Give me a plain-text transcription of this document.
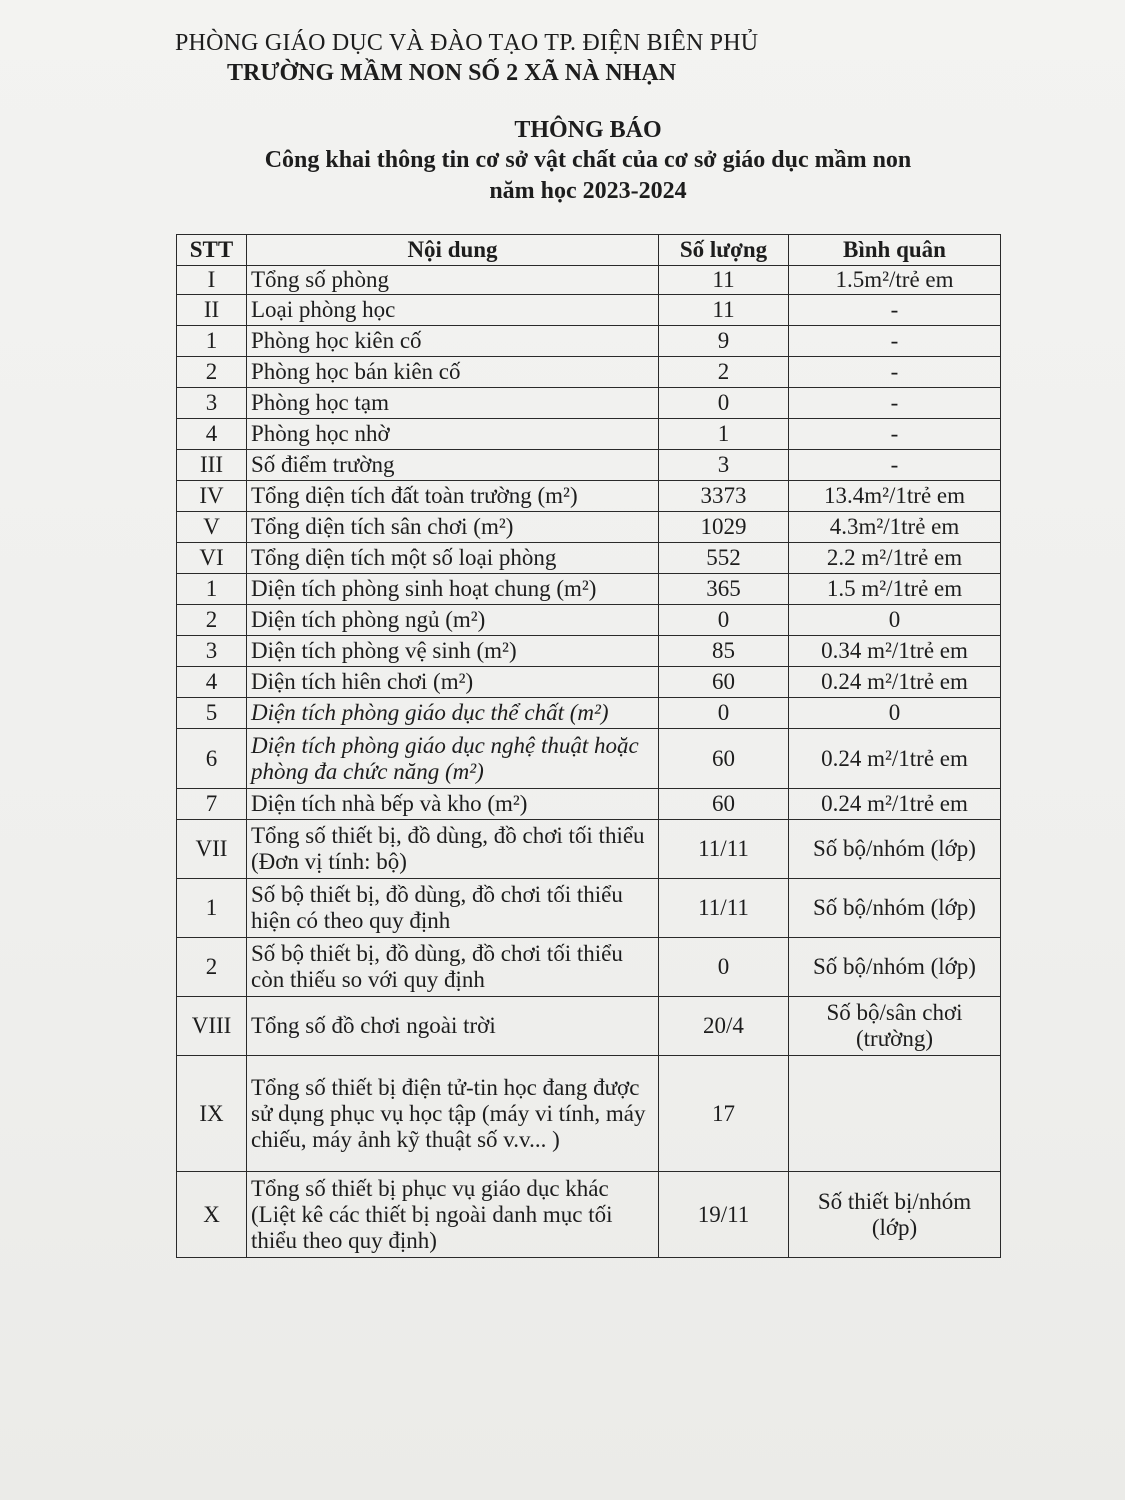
PHÒNG GIÁO DỤC VÀ ĐÀO TẠO TP. ĐIỆN BIÊN PHỦ
TRƯỜNG MẦM NON SỐ 2 XÃ NÀ NHẠN
THÔNG BÁO
Công khai thông tin cơ sở vật chất của cơ sở giáo dục mầm non
năm học 2023-2024
STT	Nội dung	Số lượng	Bình quân
I	Tổng số phòng	11	1.5m²/trẻ em
II	Loại phòng học	11	-
1	Phòng học kiên cố	9	-
2	Phòng học bán kiên cố	2	-
3	Phòng học tạm	0	-
4	Phòng học nhờ	1	-
III	Số điểm trường	3	-
IV	Tổng diện tích đất toàn trường (m²)	3373	13.4m²/1trẻ em
V	Tổng diện tích sân chơi (m²)	1029	4.3m²/1trẻ em
VI	Tổng diện tích một số loại phòng	552	2.2 m²/1trẻ em
1	Diện tích phòng sinh hoạt chung (m²)	365	1.5 m²/1trẻ em
2	Diện tích phòng ngủ (m²)	0	0
3	Diện tích phòng vệ sinh (m²)	85	0.34 m²/1trẻ em
4	Diện tích hiên chơi (m²)	60	0.24 m²/1trẻ em
5	Diện tích phòng giáo dục thể chất (m²)	0	0
6	Diện tích phòng giáo dục nghệ thuật hoặc phòng đa chức năng (m²)	60	0.24 m²/1trẻ em
7	Diện tích nhà bếp và kho (m²)	60	0.24 m²/1trẻ em
VII	Tổng số thiết bị, đồ dùng, đồ chơi tối thiểu (Đơn vị tính: bộ)	11/11	Số bộ/nhóm (lớp)
1	Số bộ thiết bị, đồ dùng, đồ chơi tối thiểu hiện có theo quy định	11/11	Số bộ/nhóm (lớp)
2	Số bộ thiết bị, đồ dùng, đồ chơi tối thiểu còn thiếu so với quy định	0	Số bộ/nhóm (lớp)
VIII	Tổng số đồ chơi ngoài trời	20/4	Số bộ/sân chơi (trường)
IX	Tổng số thiết bị điện tử-tin học đang được sử dụng phục vụ học tập (máy vi tính, máy chiếu, máy ảnh kỹ thuật số v.v... )	17	
X	Tổng số thiết bị phục vụ giáo dục khác (Liệt kê các thiết bị ngoài danh mục tối thiểu theo quy định)	19/11	Số thiết bị/nhóm (lớp)
